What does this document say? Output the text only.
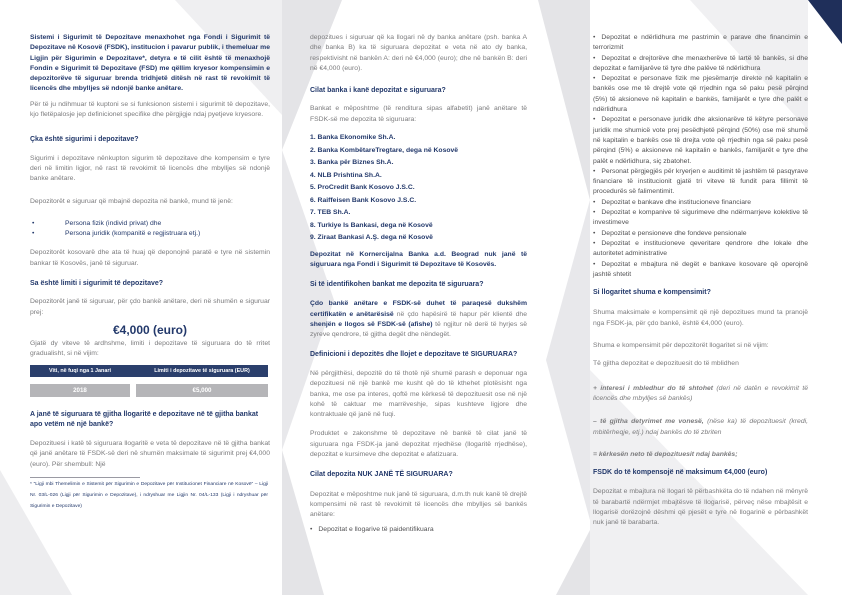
Sistemi i Sigurimit të Depozitave menaxhohet nga Fondi i Sigurimit të Depozitave në Kosovë (FSDK), institucion i pavarur publik, i themeluar me Ligjin për Sigurimin e Depozitave*, detyra e të cilit është të menaxhojë Fondin e Sigurimit të Depozitave (FSD) me qëllim kryesor kompensimin e depozitorëve të siguruar brenda tridhjetë ditësh në rast të revokimit të licencës dhe mbylljes së ndonjë banke anëtare.

Për të ju ndihmuar të kuptoni se si funksionon sistemi i sigurimit të depozitave, kjo fletëpalosje jep definicionet specifike dhe përgjigje ndaj pyetjeve kryesore.

Çka është sigurimi i depozitave?

Sigurimi i depozitave nënkupton sigurim të depozitave dhe kompensim e tyre deri në limitin ligjor, në rast të revokimit të licencës dhe mbylljes së ndonjë banke anëtare.

Depozitorët e siguruar që mbajnë depozita në bankë, mund të jenë:

•	Persona fizik (individ privat) dhe
•	Persona juridik (kompanitë e regjistruara etj.)

Depozitorët kosovarë dhe ata të huaj që deponojnë paratë e tyre në sistemin bankar të Kosovës, janë të siguruar.

Sa është limiti i sigurimit të depozitave?

Depozitorët janë të siguruar, për çdo bankë anëtare, deri në shumën e siguruar prej:

€4,000 (euro)

Gjatë dy viteve të ardhshme, limiti i depozitave të siguruara do të rritet gradualisht, si në vijim:

Viti, në fuqi nga 1 Janari	Limiti i depozitave të siguruara (EUR)
2018	€5,000

A janë të siguruara të gjitha llogaritë e depozitave në të gjitha bankat apo vetëm në një bankë?

Depozituesi i katë të siguruara llogaritë e veta të depozitave në të gjitha bankat që janë anëtare të FSDK-së deri në shumën maksimale të sigurimit prej €4,000 (euro). Për shembull: Një

* “Ligji mbi Themelimin e Sistemit për Sigurimin e Depozitave për Institucionet Financiare në Kosovë” – Ligji Nr. 03/L-026 (Ligji për Sigurimin e Depozitave), i ndryshuar me Ligjin Nr. 04/L-133 (Ligji i ndryshuar për Sigurimin e Depozitave)

depozitues i siguruar që ka llogari në dy banka anëtare (psh. banka A dhe banka B) ka të siguruara depozitat e veta në ato dy banka, respektivisht në bankën A: deri në €4,000 (euro); dhe në bankën B: deri në €4,000 (euro).

Cilat banka i kanë depozitat e siguruara?

Bankat e mëposhtme (të renditura sipas alfabetit) janë anëtare të FSDK-së me depozita të siguruara:

1. Banka Ekonomike Sh.A.
2. Banka KombëtareTregtare, dega në Kosovë
3. Banka për Biznes Sh.A.
4. NLB Prishtina Sh.A.
5. ProCredit Bank Kosovo J.S.C.
6. Raiffeisen Bank Kosovo J.S.C.
7. TEB Sh.A.
8. Turkiye Is Bankasi, dega në Kosovë
9. Ziraat Bankasi A.Ş. dega në Kosovë

Depozitat në Kornercijalna Banka a.d. Beograd nuk janë të siguruara nga Fondi i Sigurimit të Depozitave të Kosovës.

Si të identifikohen bankat me depozita të siguruara?

Çdo bankë anëtare e FSDK-së duhet të paraqesë dukshëm certifikatën e anëtarësisë në çdo hapësirë të hapur për klientë dhe shenjën e llogos së FSDK-së (afishe) të ngjitur në derë të hyrjes së zyreve qendrore, të gjitha degët dhe nëndegët.

Definicioni i depozitës dhe llojet e depozitave të SIGURUARA?

Në përgjithësi, depozitë do të thotë një shumë parash e deponuar nga depozituesi në një bankë me kusht që do të kthehet plotësisht nga banka, me ose pa interes, qoftë me kërkesë të depozituesit ose në një kohë të caktuar me marrëveshje, sipas kushteve ligjore dhe kontraktuale që janë në fuqi.

Produktet e zakonshme të depozitave në bankë të cilat janë të siguruara nga FSDK-ja janë depozitat rrjedhëse (llogaritë rrjedhëse), depozitat e kursimeve dhe depozitat e afatizuara.

Cilat depozita NUK JANË TË SIGURUARA?

Depozitat e mëposhtme nuk janë të siguruara, d.m.th nuk kanë të drejtë kompensimi në rast të revokimit të licencës dhe mbylljes së bankës anëtare:

• Depozitat e llogarive të paidentifikuara

• Depozitat e ndërlidhura me pastrimin e parave dhe financimin e terrorizmit

• Depozitat e drejtorëve dhe menaxherëve të lartë të bankës, si dhe depozitat e familjarëve të tyre dhe palëve të ndërlidhura

• Depozitat e personave fizik me pjesëmarrje direkte në kapitalin e bankës ose me të drejtë vote që rrjedhin nga së paku pesë përqind (5%) të aksioneve në kapitalin e bankës, familjarët e tyre dhe palët e ndërlidhura

• Depozitat e personave juridik dhe aksionarëve të këtyre personave juridik me shumicë vote prej pesëdhjetë përqind (50%) ose më shumë në kapitalin e bankës ose të drejta vote që rrjedhin nga së paku pesë përqind (5%) e aksioneve në kapitalin e bankës, familjarët e tyre dhe palët e ndërlidhura, siç zbatohet.

• Personat përgjegjës për kryerjen e auditimit të jashtëm të pasqyrave financiare të institucionit gjatë tri viteve të fundit para fillimit të procedurës së falimentimit.

• Depozitat e bankave dhe institucioneve financiare

• Depozitat e kompanive të sigurimeve dhe ndërmarrjeve kolektive të investimeve

• Depozitat e pensioneve dhe fondeve pensionale

• Depozitat e institucioneve qeveritare qendrore dhe lokale dhe autoritetet administrative

• Depozitat e mbajtura në degët e bankave kosovare që operojnë jashtë shtetit

Si llogaritet shuma e kompensimit?

Shuma maksimale e kompensimit që një depozitues mund ta pranojë nga FSDK-ja, për çdo bankë, është €4,000 (euro).

Shuma e kompensimit për depozitorët llogaritet si në vijim:

Të gjitha depozitat e depozituesit do të mblidhen

+ interesi i mbledhur do të shtohet (deri në datën e revokimit të licencës dhe mbylljes së bankës)

– të gjitha detyrimet me vonesë, (nëse ka) të depozituesit (kredi, mbitërheqje, etj.) ndaj bankës do të zbriten

= kërkesën neto të depozituesit ndaj bankës;

FSDK do të kompensojë në maksimum €4,000 (euro)

Depozitat e mbajtura në llogari të përbashkëta do të ndahen në mënyrë të barabartë ndërmjet mbajtësve të llogarisë, përveç nëse mbajtësit e llogarisë dorëzojnë dëshmi që pjesët e tyre në llogarinë e përbashkët nuk janë të barabarta.
